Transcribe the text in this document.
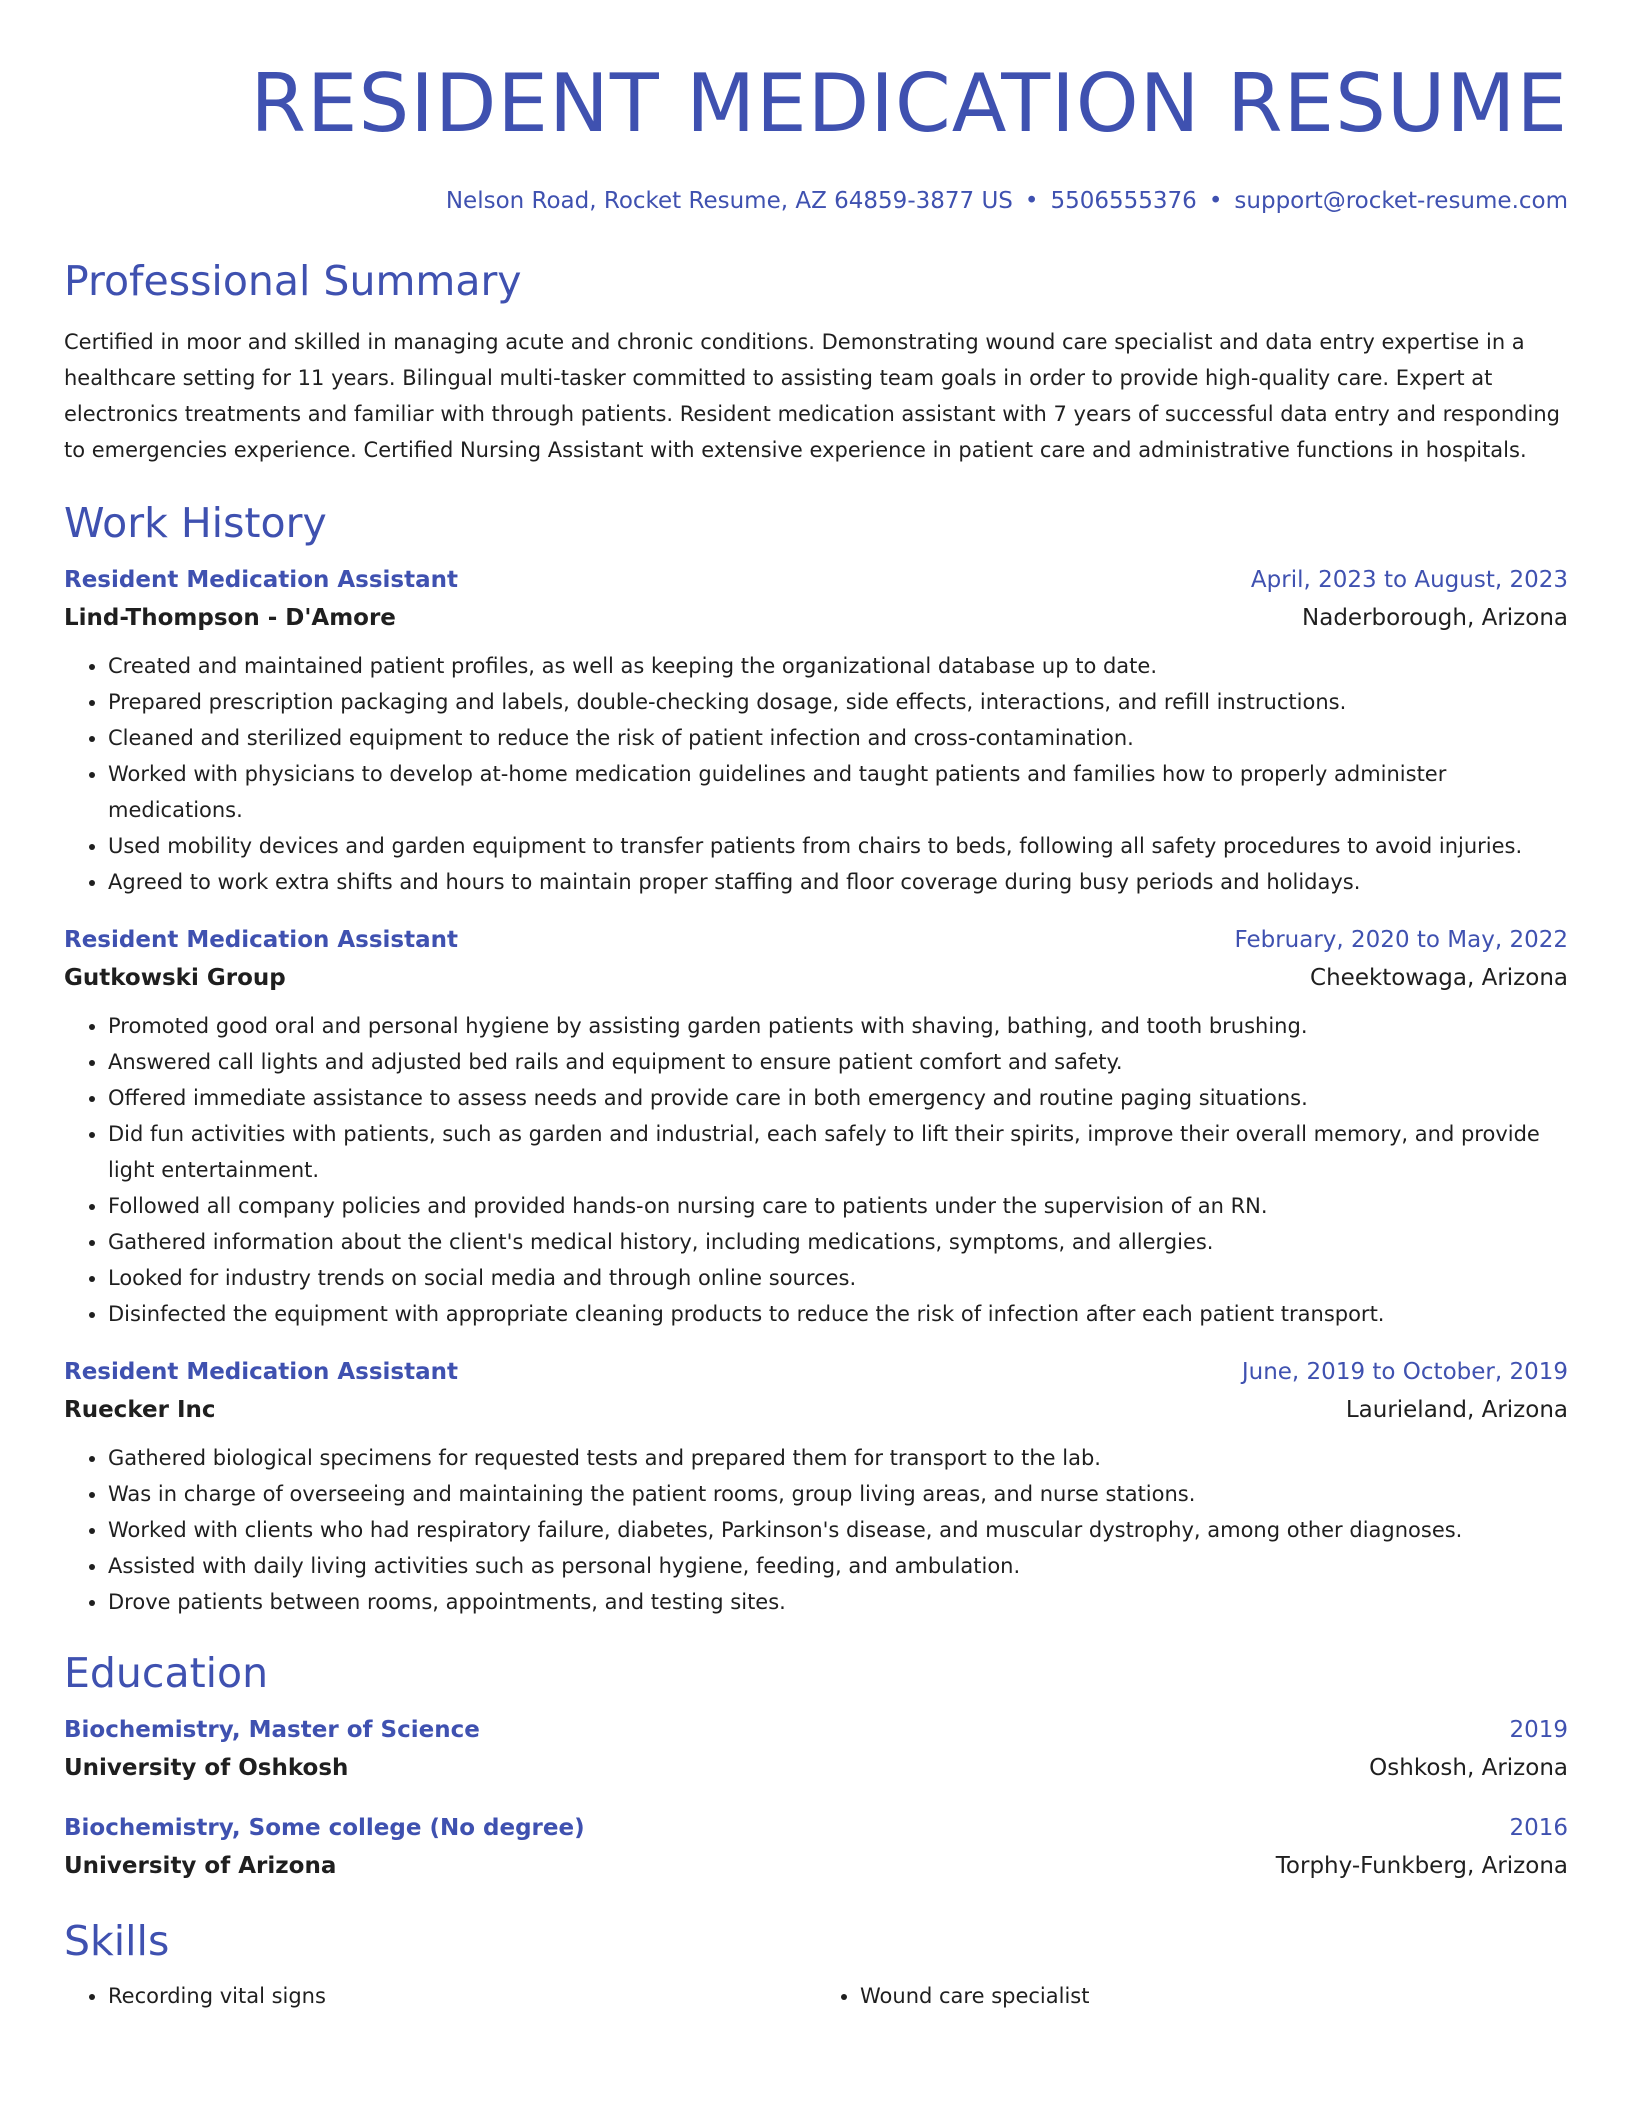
RESIDENT MEDICATION RESUME
Nelson Road, Rocket Resume, AZ 64859-3877 US • 5506555376 • support@rocket-resume.com
Professional Summary
Certified in moor and skilled in managing acute and chronic conditions. Demonstrating wound care specialist and data entry expertise in a healthcare setting for 11 years. Bilingual multi-tasker committed to assisting team goals in order to provide high-quality care. Expert at electronics treatments and familiar with through patients. Resident medication assistant with 7 years of successful data entry and responding to emergencies experience. Certified Nursing Assistant with extensive experience in patient care and administrative functions in hospitals.
Work History
Resident Medication Assistant	April, 2023 to August, 2023
Lind-Thompson - D'Amore	Naderborough, Arizona
• Created and maintained patient profiles, as well as keeping the organizational database up to date.
• Prepared prescription packaging and labels, double-checking dosage, side effects, interactions, and refill instructions.
• Cleaned and sterilized equipment to reduce the risk of patient infection and cross-contamination.
• Worked with physicians to develop at-home medication guidelines and taught patients and families how to properly administer medications.
• Used mobility devices and garden equipment to transfer patients from chairs to beds, following all safety procedures to avoid injuries.
• Agreed to work extra shifts and hours to maintain proper staffing and floor coverage during busy periods and holidays.
Resident Medication Assistant	February, 2020 to May, 2022
Gutkowski Group	Cheektowaga, Arizona
• Promoted good oral and personal hygiene by assisting garden patients with shaving, bathing, and tooth brushing.
• Answered call lights and adjusted bed rails and equipment to ensure patient comfort and safety.
• Offered immediate assistance to assess needs and provide care in both emergency and routine paging situations.
• Did fun activities with patients, such as garden and industrial, each safely to lift their spirits, improve their overall memory, and provide light entertainment.
• Followed all company policies and provided hands-on nursing care to patients under the supervision of an RN.
• Gathered information about the client's medical history, including medications, symptoms, and allergies.
• Looked for industry trends on social media and through online sources.
• Disinfected the equipment with appropriate cleaning products to reduce the risk of infection after each patient transport.
Resident Medication Assistant	June, 2019 to October, 2019
Ruecker Inc	Laurieland, Arizona
• Gathered biological specimens for requested tests and prepared them for transport to the lab.
• Was in charge of overseeing and maintaining the patient rooms, group living areas, and nurse stations.
• Worked with clients who had respiratory failure, diabetes, Parkinson's disease, and muscular dystrophy, among other diagnoses.
• Assisted with daily living activities such as personal hygiene, feeding, and ambulation.
• Drove patients between rooms, appointments, and testing sites.
Education
Biochemistry, Master of Science	2019
University of Oshkosh	Oshkosh, Arizona
Biochemistry, Some college (No degree)	2016
University of Arizona	Torphy-Funkberg, Arizona
Skills
• Recording vital signs
•	Wound care specialist
